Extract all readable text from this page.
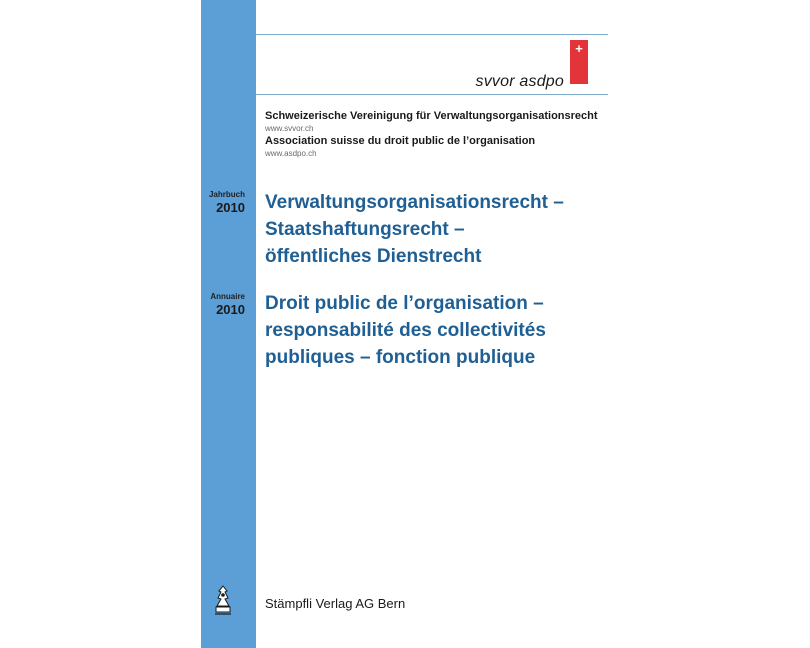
+
svvor asdpo
Schweizerische Vereinigung für Verwaltungsorganisationsrecht
www.svvor.ch
Association suisse du droit public de l’organisation
www.asdpo.ch
Jahrbuch
2010
Annuaire
2010
Verwaltungsorganisationsrecht –
Staatshaftungsrecht –
öffentliches Dienstrecht
Droit public de l’organisation –
responsabilité des collectivités
publiques – fonction publique
Stämpfli Verlag AG Bern
